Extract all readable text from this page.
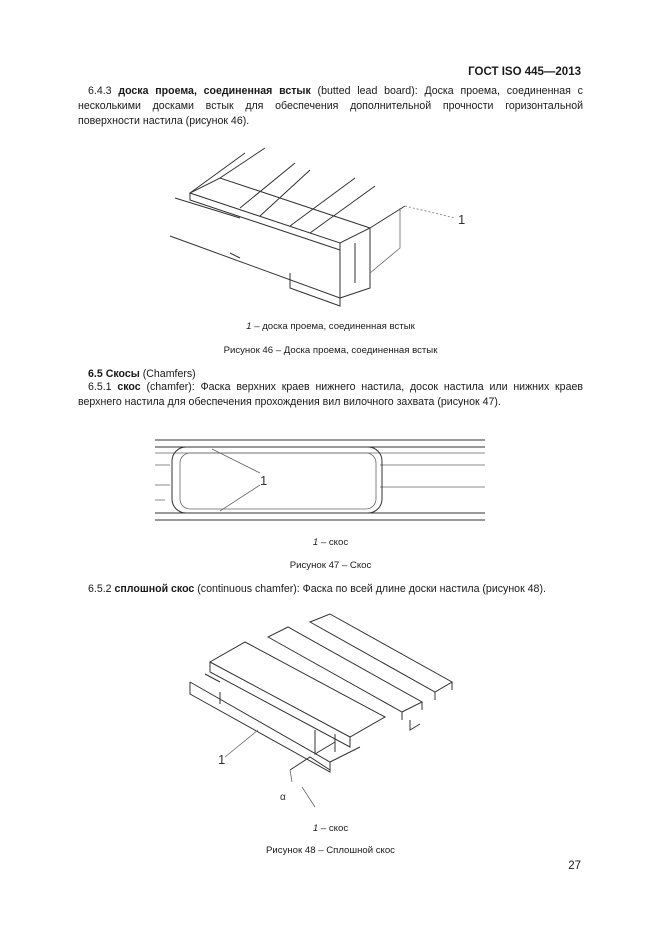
ГОСТ ISO 445—2013
6.4.3 доска проема, соединенная встык (butted lead board): Доска проема, соединенная с несколькими досками встык для обеспечения дополнительной прочности горизонтальной поверхности настила (рисунок 46).
1
1 – доска проема, соединенная встык
Рисунок 46 – Доска проема, соединенная встык
6.5 Скосы (Chamfers)
6.5.1 скос (chamfer): Фаска верхних краев нижнего настила, досок настила или нижних краев верхнего настила для обеспечения прохождения вил вилочного захвата (рисунок 47).
1
1 – скос
Рисунок 47 – Скос
6.5.2 сплошной скос (continuous chamfer): Фаска по всей длине доски настила (рисунок 48).
1
α
1 – скос
Рисунок 48 – Сплошной скос
27
